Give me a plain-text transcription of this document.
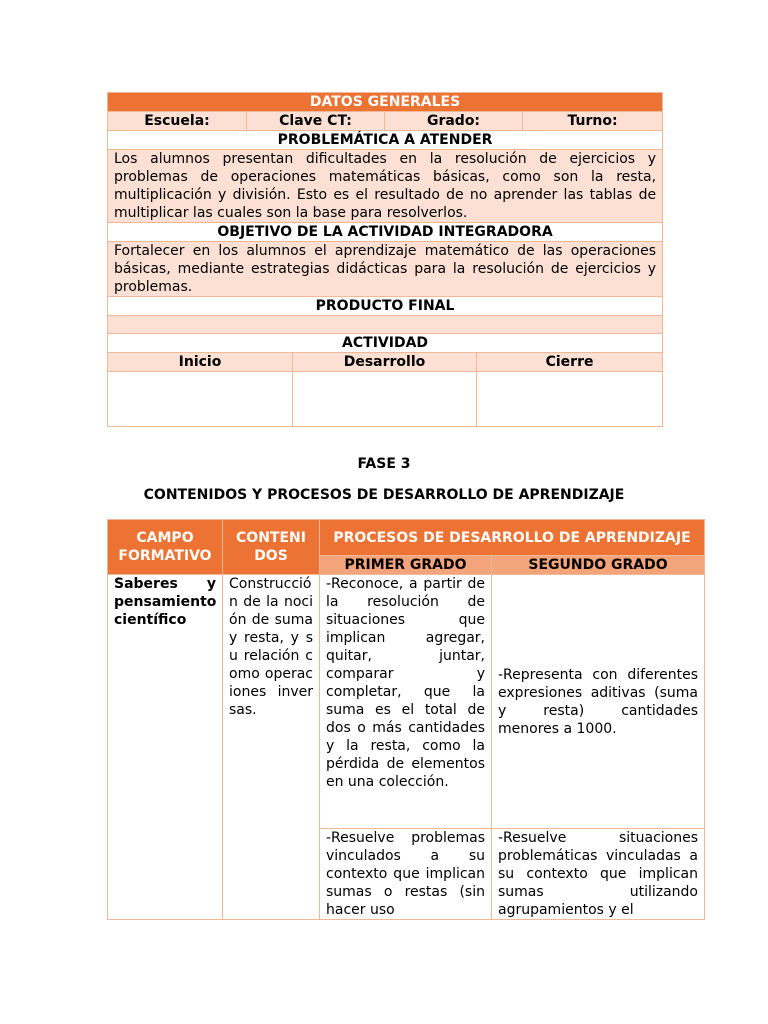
DATOS GENERALES					
Escuela:	Clave CT:		Grado:		Turno:
PROBLEMÁTICA A ATENDER					
Los alumnos presentan dificultades en la resolución de ejercicios y problemas de operaciones matemáticas básicas, como son la resta, multiplicación y división. Esto es el resultado de no aprender las tablas de multiplicar las cuales son la base para resolverlos.					
OBJETIVO DE LA ACTIVIDAD INTEGRADORA					
Fortalecer en los alumnos el aprendizaje matemático de las operaciones básicas, mediante estrategias didácticas para la resolución de ejercicios y problemas.					
PRODUCTO FINAL					

ACTIVIDAD					
Inicio		Desarrollo		Cierre	

FASE 3
CONTENIDOS Y PROCESOS DE DESARROLLO DE APRENDIZAJE
CAMPO FORMATIVO	CONTENI DOS	PROCESOS DE DESARROLLO DE APRENDIZAJE	
		PRIMER GRADO	SEGUNDO GRADO
Saberes y pensamiento científico	Construcción de la noción de suma y resta, y su relación como operaciones inversas.	-Reconoce, a partir de la resolución de situaciones que implican agregar, quitar, juntar, comparar y completar, que la suma es el total de dos o más cantidades y la resta, como la pérdida de elementos en una colección.	-Representa con diferentes expresiones aditivas (suma y resta) cantidades menores a 1000.
		-Resuelve problemas vinculados a su contexto que implican sumas o restas (sin hacer uso	-Resuelve situaciones problemáticas vinculadas a su contexto que implican sumas utilizando agrupamientos y el
